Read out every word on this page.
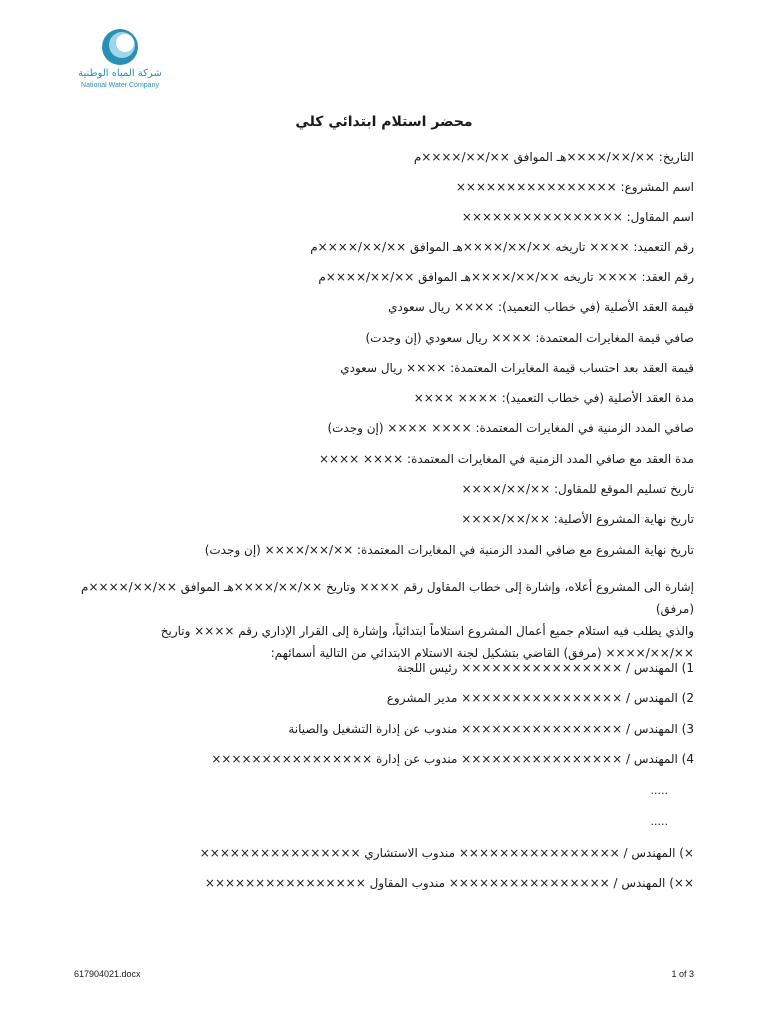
شركة المياه الوطنية
National Water Company
محضر استلام ابتدائي كلي
التاريخ: ××/××/××××هـ الموافق ××/××/××××م
اسم المشروع: ××××××××××××××××
اسم المقاول: ××××××××××××××××
رقم التعميد: ×××× تاريخه ××/××/××××هـ الموافق ××/××/××××م
رقم العقد: ×××× تاريخه ××/××/××××هـ الموافق ××/××/××××م
قيمة العقد الأصلية (في خطاب التعميد): ×××× ريال سعودي
صافي قيمة المغايرات المعتمدة: ×××× ريال سعودي (إن وجدت)
قيمة العقد بعد احتساب قيمة المغايرات المعتمدة: ×××× ريال سعودي
مدة العقد الأصلية (في خطاب التعميد): ×××× ××××
صافي المدد الزمنية في المغايرات المعتمدة: ×××× ×××× (إن وجدت)
مدة العقد مع صافي المدد الزمنية في المغايرات المعتمدة: ×××× ××××
تاريخ تسليم الموقع للمقاول: ××/××/××××
تاريخ نهاية المشروع الأصلية: ××/××/××××
تاريخ نهاية المشروع مع صافي المدد الزمنية في المغايرات المعتمدة: ××/××/×××× (إن وجدت)

إشارة الى المشروع أعلاه، وإشارة إلى خطاب المقاول رقم ×××× وتاريخ ××/××/××××هـ الموافق ××/××/××××م (مرفق)

والذي يطلب فيه استلام جميع أعمال المشروع استلاماً ابتدائياً، وإشارة إلى القرار الإداري رقم ×××× وتاريخ

××/××/×××× (مرفق) القاضي بتشكيل لجنة الاستلام الابتدائي من التالية أسمائهم:

1) المهندس / ×××××××××××××××× رئيس اللجنة
2) المهندس / ×××××××××××××××× مدير المشروع
3) المهندس / ×××××××××××××××× مندوب عن إدارة التشغيل والصيانة
4) المهندس / ×××××××××××××××× مندوب عن إدارة ××××××××××××××××
.....
.....
×) المهندس / ×××××××××××××××× مندوب الاستشاري ××××××××××××××××
××) المهندس / ×××××××××××××××× مندوب المقاول ××××××××××××××××
617904021.docx	1 of 3
